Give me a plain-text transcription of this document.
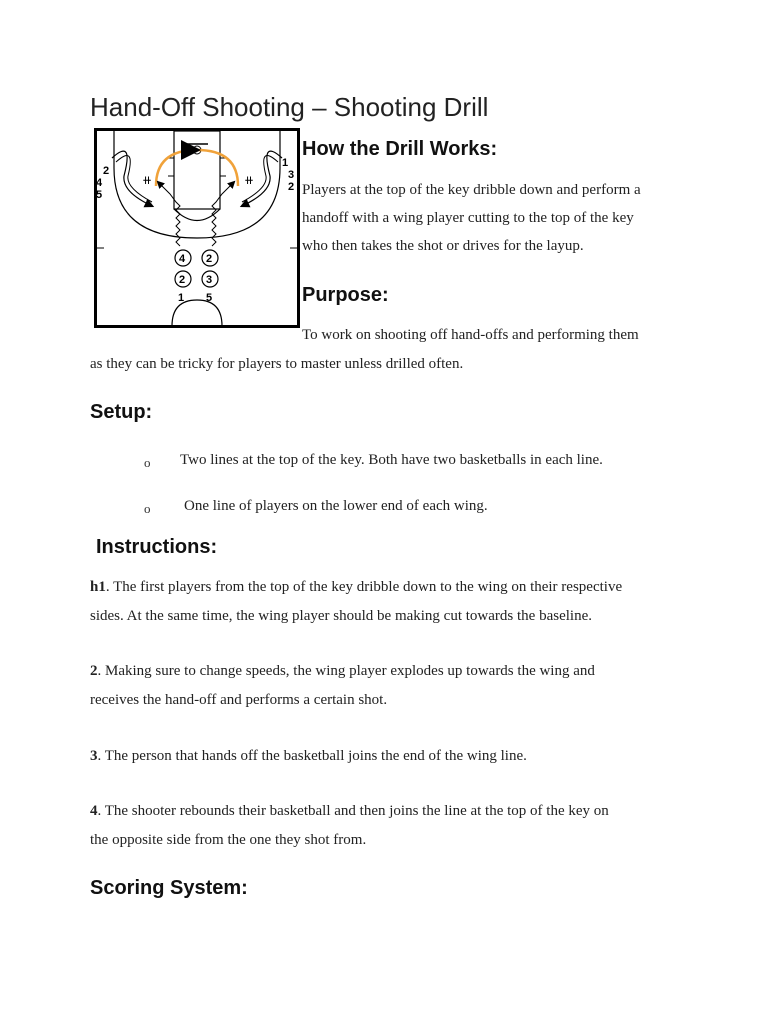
Hand-Off Shooting – Shooting Drill
⧺	⧺
2
4
5
1
3
2
4 2
2 3
1 5
How the Drill Works:
Players at the top of the key dribble down and perform a
handoff with a wing player cutting to the top of the key
who then takes the shot or drives for the layup.
Purpose:
To work on shooting off hand-offs and performing them
as they can be tricky for players to master unless drilled often.
Setup:
o Two lines at the top of the key. Both have two basketballs in each line.
o One line of players on the lower end of each wing.
Instructions:
h1. The first players from the top of the key dribble down to the wing on their respective
sides. At the same time, the wing player should be making cut towards the baseline.
2. Making sure to change speeds, the wing player explodes up towards the wing and
receives the hand-off and performs a certain shot.
3. The person that hands off the basketball joins the end of the wing line.
4. The shooter rebounds their basketball and then joins the line at the top of the key on
the opposite side from the one they shot from.
Scoring System:
